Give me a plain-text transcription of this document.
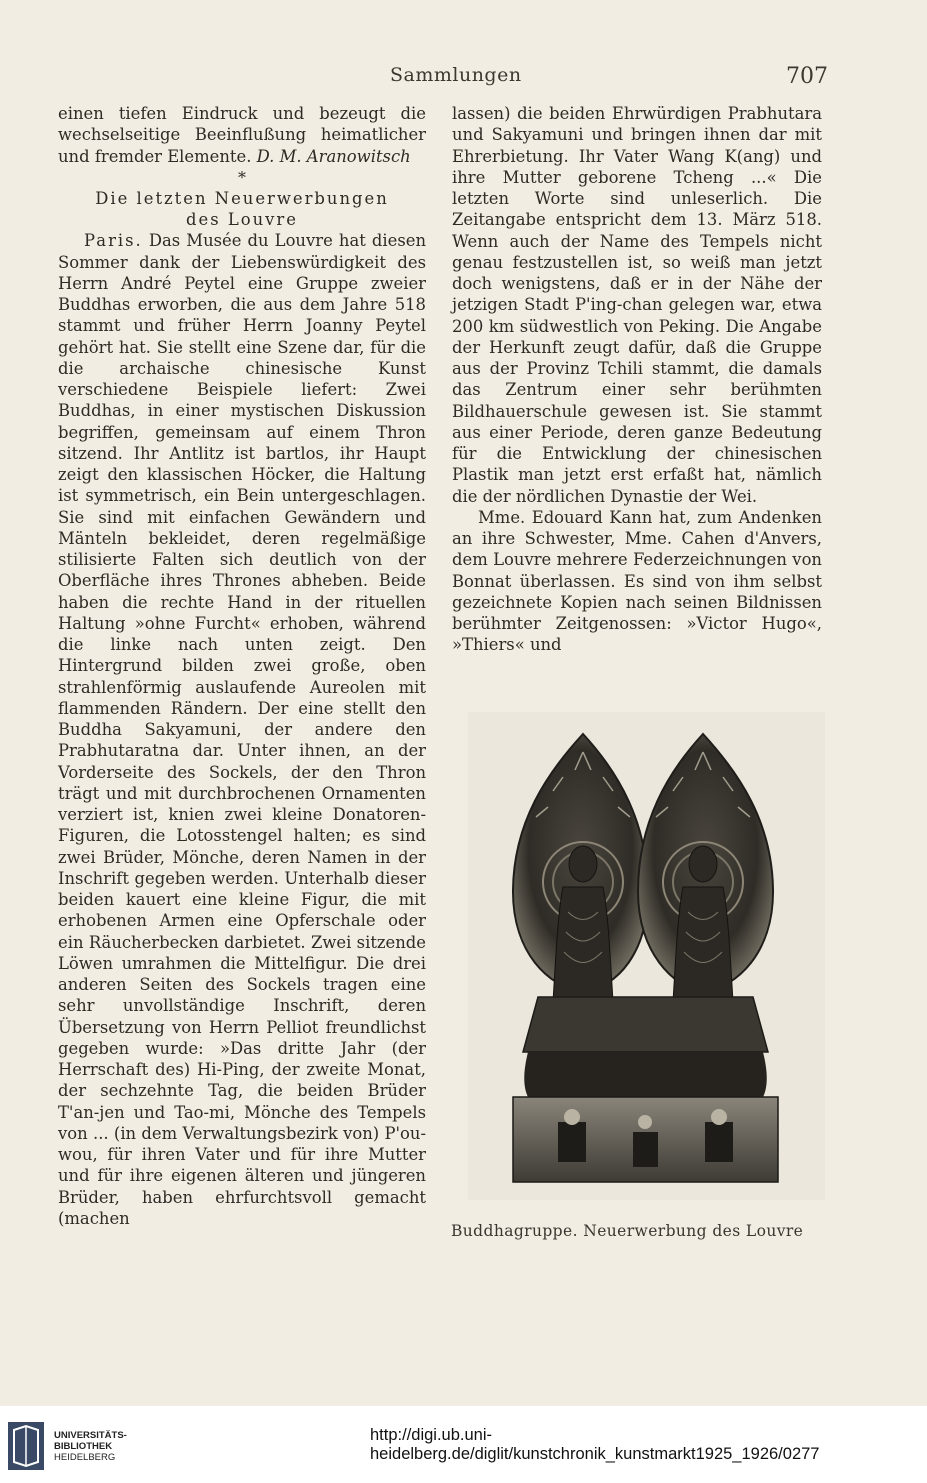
Sammlungen	707

einen tiefen Eindruck und bezeugt die wechselseitige Beeinflußung heimatlicher und fremder Elemente. D. M. Aranowitsch

*
Die letzten Neuerwerbungen
des Louvre

Paris. Das Musée du Louvre hat diesen Sommer dank der Liebenswürdigkeit des Herrn André Peytel eine Gruppe zweier Buddhas erworben, die aus dem Jahre 518 stammt und früher Herrn Joanny Peytel gehört hat. Sie stellt eine Szene dar, für die die archaische chinesische Kunst verschiedene Beispiele liefert: Zwei Buddhas, in einer mystischen Diskussion begriffen, gemeinsam auf einem Thron sitzend. Ihr Antlitz ist bartlos, ihr Haupt zeigt den klassischen Höcker, die Haltung ist symmetrisch, ein Bein untergeschlagen. Sie sind mit einfachen Gewändern und Mänteln bekleidet, deren regelmäßige stilisierte Falten sich deutlich von der Oberfläche ihres Thrones abheben. Beide haben die rechte Hand in der rituellen Haltung »ohne Furcht« erhoben, während die linke nach unten zeigt. Den Hintergrund bilden zwei große, oben strahlenförmig auslaufende Aureolen mit flammenden Rändern. Der eine stellt den Buddha Sakyamuni, der andere den Prabhutaratna dar. Unter ihnen, an der Vorderseite des Sockels, der den Thron trägt und mit durchbrochenen Ornamenten verziert ist, knien zwei kleine Donatoren-Figuren, die Lotosstengel halten; es sind zwei Brüder, Mönche, deren Namen in der Inschrift gegeben werden. Unterhalb dieser beiden kauert eine kleine Figur, die mit erhobenen Armen eine Opferschale oder ein Räucherbecken darbietet. Zwei sitzende Löwen umrahmen die Mittelfigur. Die drei anderen Seiten des Sockels tragen eine sehr unvollständige Inschrift, deren Übersetzung von Herrn Pelliot freundlichst gegeben wurde: »Das dritte Jahr (der Herrschaft des) Hi-Ping, der zweite Monat, der sechzehnte Tag, die beiden Brüder T'an-jen und Tao-mi, Mönche des Tempels von ... (in dem Verwaltungsbezirk von) P'ou-wou, für ihren Vater und für ihre Mutter und für ihre eigenen älteren und jüngeren Brüder, haben ehrfurchtsvoll gemacht (machen

lassen) die beiden Ehrwürdigen Prabhutara und Sakyamuni und bringen ihnen dar mit Ehrerbietung. Ihr Vater Wang K(ang) und ihre Mutter geborene Tcheng ...« Die letzten Worte sind unleserlich. Die Zeitangabe entspricht dem 13. März 518. Wenn auch der Name des Tempels nicht genau festzustellen ist, so weiß man jetzt doch wenigstens, daß er in der Nähe der jetzigen Stadt P'ing-chan gelegen war, etwa 200 km südwestlich von Peking. Die Angabe der Herkunft zeugt dafür, daß die Gruppe aus der Provinz Tchili stammt, die damals das Zentrum einer sehr berühmten Bildhauerschule gewesen ist. Sie stammt aus einer Periode, deren ganze Bedeutung für die Entwicklung der chinesischen Plastik man jetzt erst erfaßt hat, nämlich die der nördlichen Dynastie der Wei.

Mme. Edouard Kann hat, zum Andenken an ihre Schwester, Mme. Cahen d'Anvers, dem Louvre mehrere Federzeichnungen von Bonnat überlassen. Es sind von ihm selbst gezeichnete Kopien nach seinen Bildnissen berühmter Zeitgenossen: »Victor Hugo«, »Thiers« und

Buddhagruppe. Neuerwerbung des Louvre
UNIVERSITÄTS-
BIBLIOTHEK
HEIDELBERG
http://digi.ub.uni-heidelberg.de/diglit/kunstchronik_kunstmarkt1925_1926/0277
